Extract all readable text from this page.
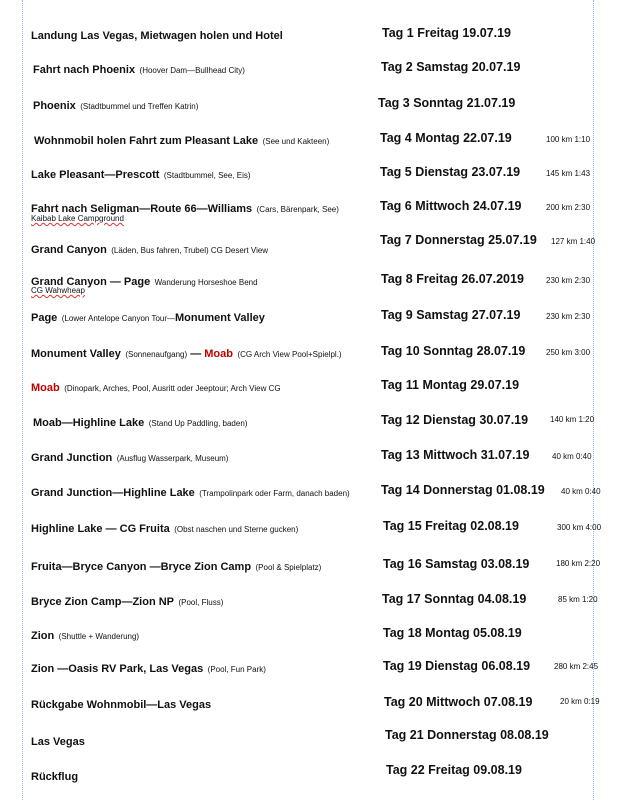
Landung Las Vegas, Mietwagen holen und Hotel	Tag 1 Freitag 19.07.19
Fahrt nach Phoenix (Hoover Dam—Bullhead City)	Tag 2 Samstag 20.07.19
Phoenix (Stadtbummel und Treffen Katrin)	Tag 3 Sonntag 21.07.19
Wohnmobil holen Fahrt zum Pleasant Lake (See und Kakteen)	Tag 4 Montag 22.07.19	100 km 1:10
Lake Pleasant—Prescott (Stadtbummel, See, Eis)	Tag 5 Dienstag 23.07.19	145 km 1:43
Fahrt nach Seligman—Route 66—Williams (Cars, Bärenpark, See)
Kaibab Lake Campground
Tag 6 Mittwoch 24.07.19	200 km 2:30
Grand Canyon (Läden, Bus fahren, Trubel) CG Desert View
Tag 7 Donnerstag 25.07.19 127 km 1:40
Grand Canyon — Page Wanderung Horseshoe Bend
CG Wahwheap
Tag 8 Freitag 26.07.2019	230 km 2:30
Page (Lower Antelope Canyon Tour—Monument Valley	Tag 9 Samstag 27.07.19	230 km 2:30
Monument Valley (Sonnenaufgang) — Moab (CG Arch View Pool+Spielpl.)	Tag 10 Sonntag 28.07.19	250 km 3:00
Moab (Dinopark, Arches, Pool, Ausritt oder Jeeptour; Arch View CG	Tag 11 Montag 29.07.19
Moab—Highline Lake (Stand Up Paddling, baden)	Tag 12 Dienstag 30.07.19	140 km 1:20
Grand Junction (Ausflug Wasserpark, Museum)	Tag 13 Mittwoch 31.07.19	40 km 0:40
Grand Junction—Highline Lake (Trampolinpark oder Farm, danach baden)	Tag 14 Donnerstag 01.08.19 40 km 0:40
Highline Lake — CG Fruita (Obst naschen und Sterne gucken)	Tag 15 Freitag 02.08.19	300 km 4:00
Fruita—Bryce Canyon —Bryce Zion Camp (Pool & Spielplatz)	Tag 16 Samstag 03.08.19	180 km 2:20
Bryce Zion Camp—Zion NP (Pool, Fluss)	Tag 17 Sonntag 04.08.19	85 km 1:20
Zion (Shuttle + Wanderung)	Tag 18 Montag 05.08.19
Zion —Oasis RV Park, Las Vegas (Pool, Fun Park)	Tag 19 Dienstag 06.08.19	280 km 2:45
Rückgabe Wohnmobil—Las Vegas	Tag 20 Mittwoch 07.08.19	20 km 0:19
Las Vegas	Tag 21 Donnerstag 08.08.19
Rückflug	Tag 22 Freitag 09.08.19
